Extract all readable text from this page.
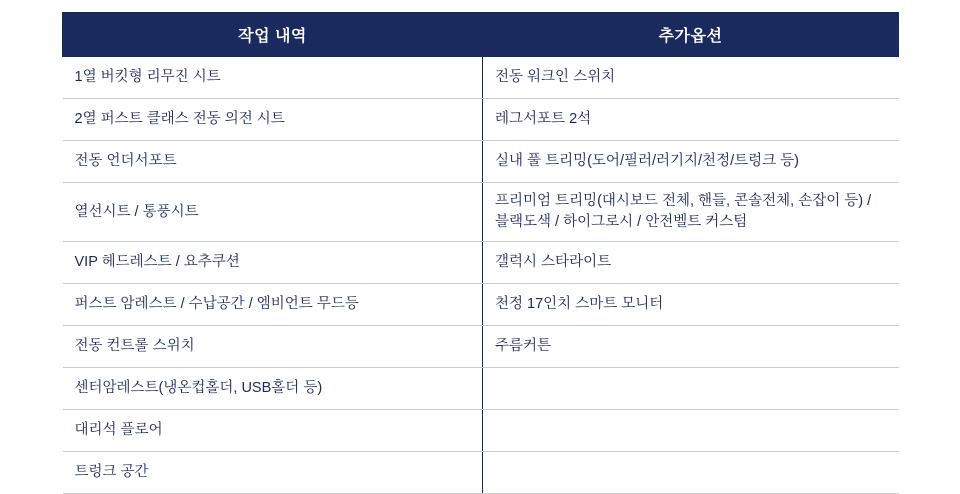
작업 내역	추가옵션
1열 버킷형 리무진 시트	전동 워크인 스위치
2열 퍼스트 클래스 전동 의전 시트	레그서포트 2석
전동 언더서포트	실내 풀 트리밍(도어/필러/러기지/천정/트렁크 등)
열선시트 / 통풍시트	프리미엄 트리밍(대시보드 전체, 핸들, 콘솔전체, 손잡이 등) / 블랙도색 / 하이그로시 / 안전벨트 커스텀
VIP 헤드레스트 / 요추쿠션	갤럭시 스타라이트
퍼스트 암레스트 / 수납공간 / 엠비언트 무드등	천정 17인치 스마트 모니터
전동 컨트롤 스위치	주름커튼
센터암레스트(냉온컵홀더, USB홀더 등)	
대리석 플로어	
트렁크 공간	
